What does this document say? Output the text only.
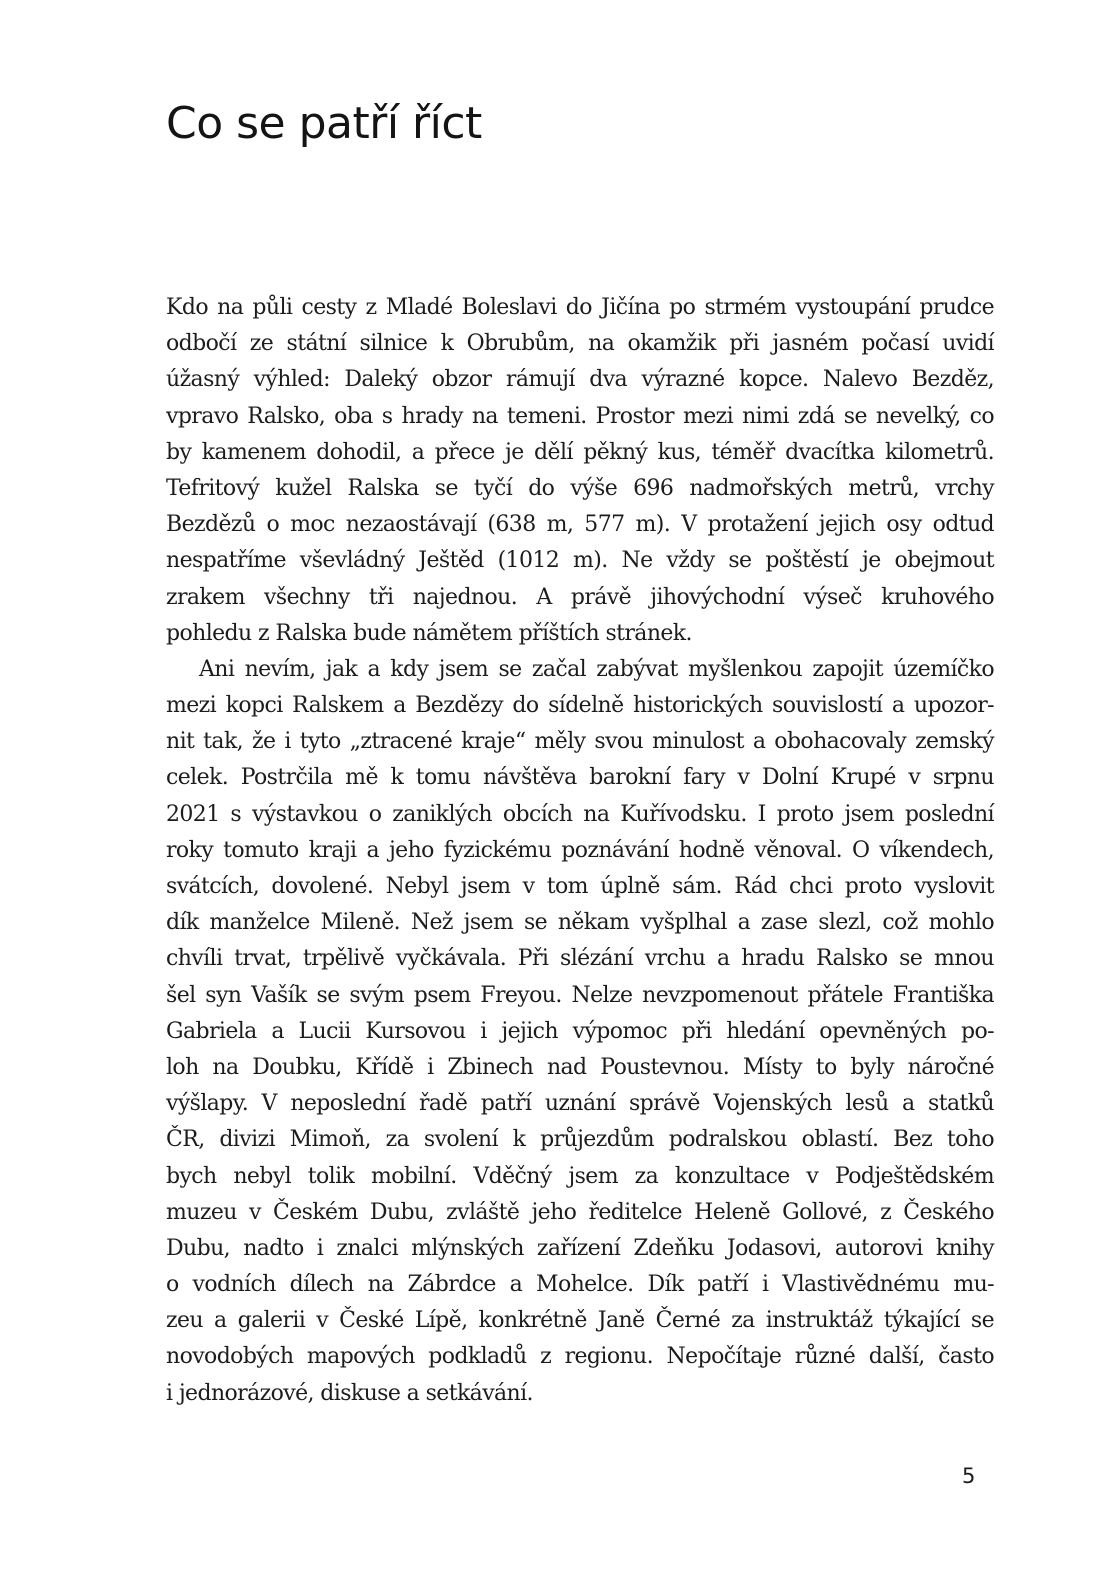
Co se patří říct
Kdo na půli cesty z Mladé Boleslavi do Jičína po strmém vystoupání prudce
odbočí ze státní silnice k Obrubům, na okamžik při jasném počasí uvidí
úžasný výhled: Daleký obzor rámují dva výrazné kopce. Nalevo Bezděz,
vpravo Ralsko, oba s hrady na temeni. Prostor mezi nimi zdá se nevelký, co
by kamenem dohodil, a přece je dělí pěkný kus, téměř dvacítka kilometrů.
Tefritový kužel Ralska se tyčí do výše 696 nadmořských metrů, vrchy
Bezdězů o moc nezaostávají (638 m, 577 m). V protažení jejich osy odtud
nespatříme vševládný Ještěd (1012 m). Ne vždy se poštěstí je obejmout
zrakem všechny tři najednou. A právě jihovýchodní výseč kruhového
pohledu z Ralska bude námětem příštích stránek.
Ani nevím, jak a kdy jsem se začal zabývat myšlenkou zapojit územíčko
mezi kopci Ralskem a Bezdězy do sídelně historických souvislostí a upozor-
nit tak, že i tyto „ztracené kraje“ měly svou minulost a obohacovaly zemský
celek. Postrčila mě k tomu návštěva barokní fary v Dolní Krupé v srpnu
2021 s výstavkou o zaniklých obcích na Kuřívodsku. I proto jsem poslední
roky tomuto kraji a jeho fyzickému poznávání hodně věnoval. O víkendech,
svátcích, dovolené. Nebyl jsem v tom úplně sám. Rád chci proto vyslovit
dík manželce Mileně. Než jsem se někam vyšplhal a zase slezl, což mohlo
chvíli trvat, trpělivě vyčkávala. Při slézání vrchu a hradu Ralsko se mnou
šel syn Vašík se svým psem Freyou. Nelze nevzpomenout přátele Františka
Gabriela a Lucii Kursovou i jejich výpomoc při hledání opevněných po-
loh na Doubku, Křídě i Zbinech nad Poustevnou. Místy to byly náročné
výšlapy. V neposlední řadě patří uznání správě Vojenských lesů a statků
ČR, divizi Mimoň, za svolení k průjezdům podralskou oblastí. Bez toho
bych nebyl tolik mobilní. Vděčný jsem za konzultace v Podještědském
muzeu v Českém Dubu, zvláště jeho ředitelce Heleně Gollové, z Českého
Dubu, nadto i znalci mlýnských zařízení Zdeňku Jodasovi, autorovi knihy
o vodních dílech na Zábrdce a Mohelce. Dík patří i Vlastivědnému mu-
zeu a galerii v České Lípě, konkrétně Janě Černé za instruktáž týkající se
novodobých mapových podkladů z regionu. Nepočítaje různé další, často
i jednorázové, diskuse a setkávání.
5
